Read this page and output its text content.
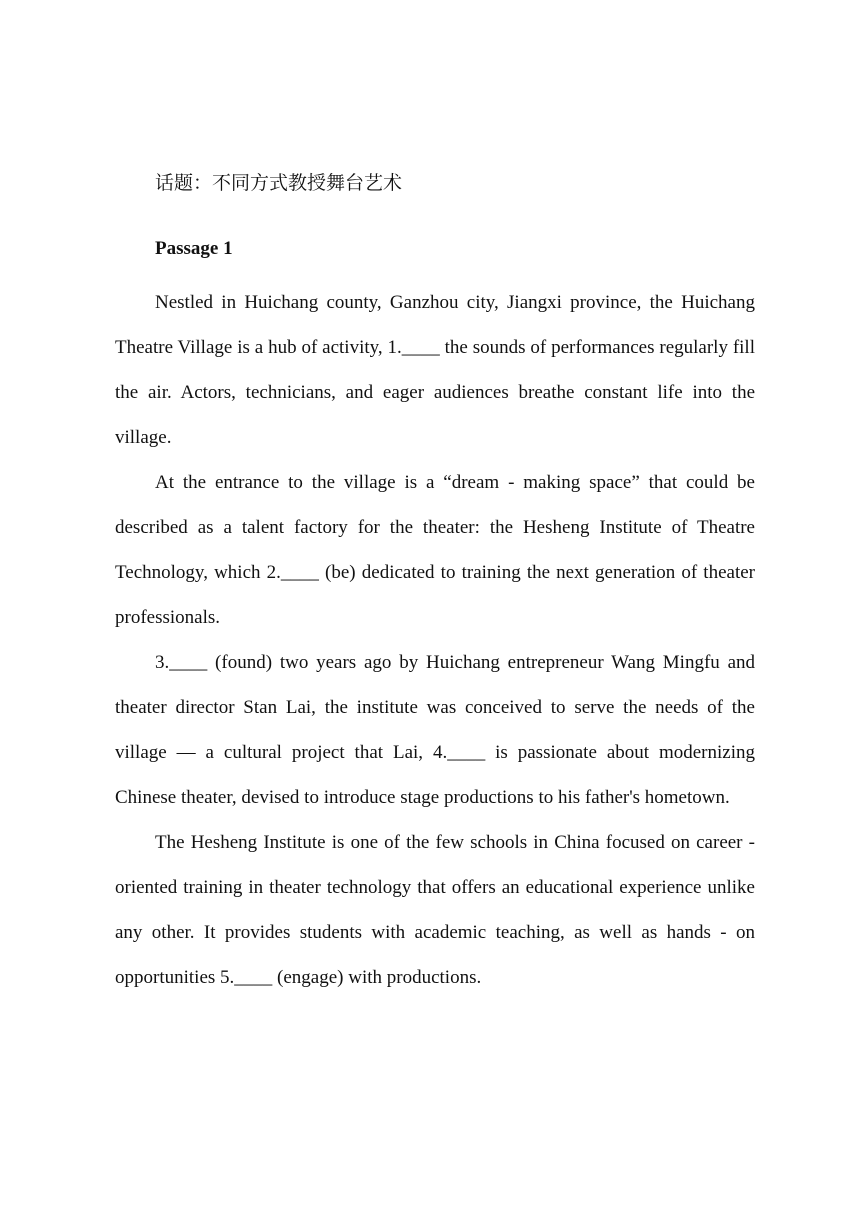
话题：不同方式教授舞台艺术

Passage 1

Nestled in Huichang county, Ganzhou city, Jiangxi province, the Huichang Theatre Village is a hub of activity, 1.____ the sounds of performances regularly fill the air. Actors, technicians, and eager audiences breathe constant life into the village.

At the entrance to the village is a “dream - making space” that could be described as a talent factory for the theater: the Hesheng Institute of Theatre Technology, which 2.____ (be) dedicated to training the next generation of theater professionals.

3.____ (found) two years ago by Huichang entrepreneur Wang Mingfu and theater director Stan Lai, the institute was conceived to serve the needs of the village — a cultural project that Lai, 4.____ is passionate about modernizing Chinese theater, devised to introduce stage productions to his father's hometown.

The Hesheng Institute is one of the few schools in China focused on career - oriented training in theater technology that offers an educational experience unlike any other. It provides students with academic teaching, as well as hands - on opportunities 5.____ (engage) with productions.
